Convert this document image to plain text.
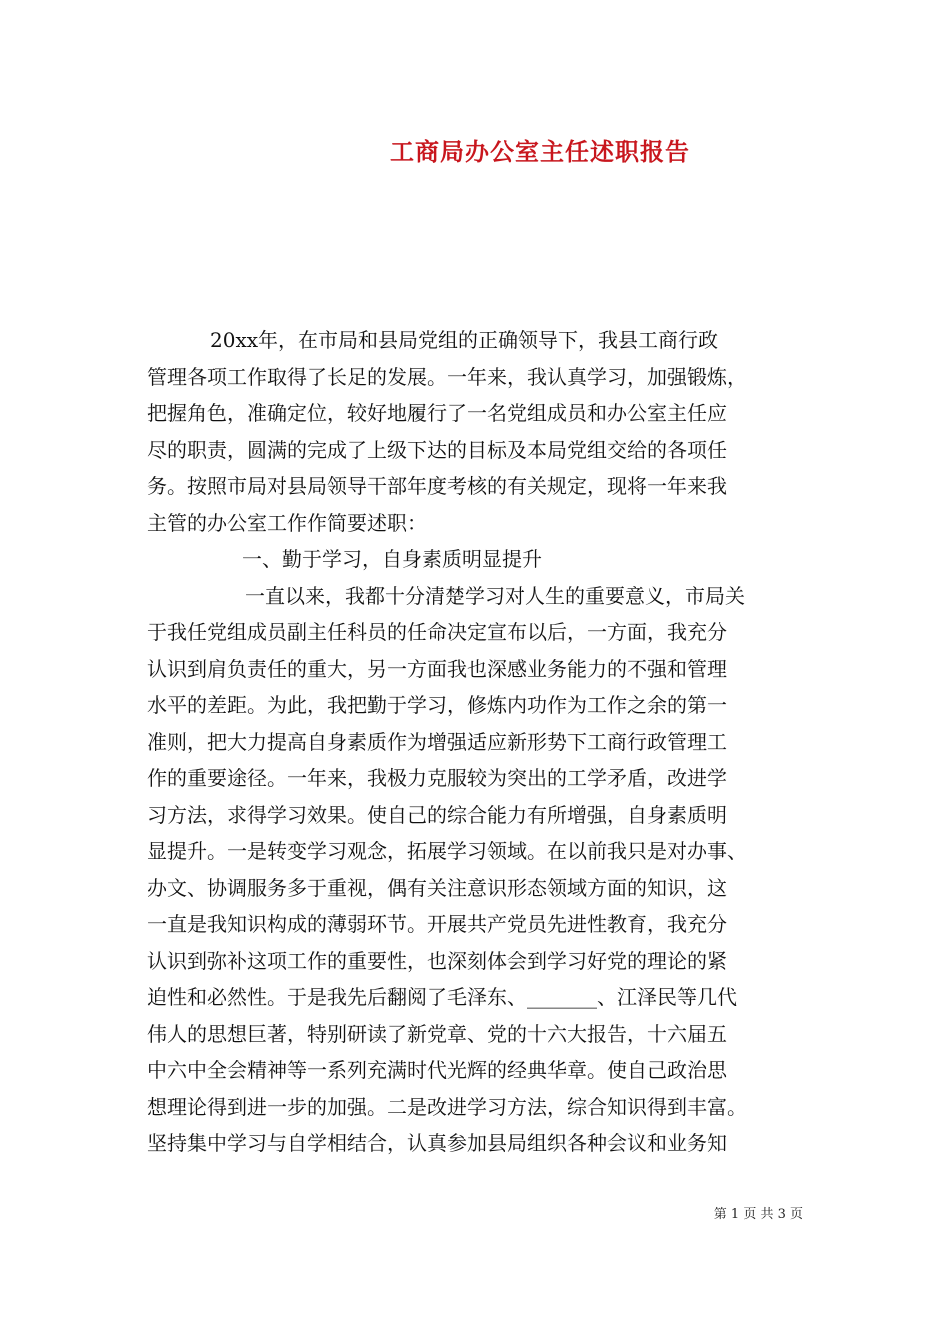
工商局办公室主任述职报告
20xx年，在市局和县局党组的正确领导下，我县工商行政
管理各项工作取得了长足的发展。一年来，我认真学习，加强锻炼，
把握角色，准确定位，较好地履行了一名党组成员和办公室主任应
尽的职责，圆满的完成了上级下达的目标及本局党组交给的各项任
务。按照市局对县局领导干部年度考核的有关规定，现将一年来我
主管的办公室工作作简要述职：
一、勤于学习，自身素质明显提升
一直以来，我都十分清楚学习对人生的重要意义，市局关
于我任党组成员副主任科员的任命决定宣布以后，一方面，我充分
认识到肩负责任的重大，另一方面我也深感业务能力的不强和管理
水平的差距。为此，我把勤于学习，修炼内功作为工作之余的第一
准则，把大力提高自身素质作为增强适应新形势下工商行政管理工
作的重要途径。一年来，我极力克服较为突出的工学矛盾，改进学
习方法，求得学习效果。使自己的综合能力有所增强，自身素质明
显提升。一是转变学习观念，拓展学习领域。在以前我只是对办事、
办文、协调服务多于重视，偶有关注意识形态领域方面的知识，这
一直是我知识构成的薄弱环节。开展共产党员先进性教育，我充分
认识到弥补这项工作的重要性，也深刻体会到学习好党的理论的紧
迫性和必然性。于是我先后翻阅了毛泽东、_______、江泽民等几代
伟人的思想巨著，特别研读了新党章、党的十六大报告，十六届五
中六中全会精神等一系列充满时代光辉的经典华章。使自己政治思
想理论得到进一步的加强。二是改进学习方法，综合知识得到丰富。
坚持集中学习与自学相结合，认真参加县局组织各种会议和业务知
第 1 页 共 3 页
